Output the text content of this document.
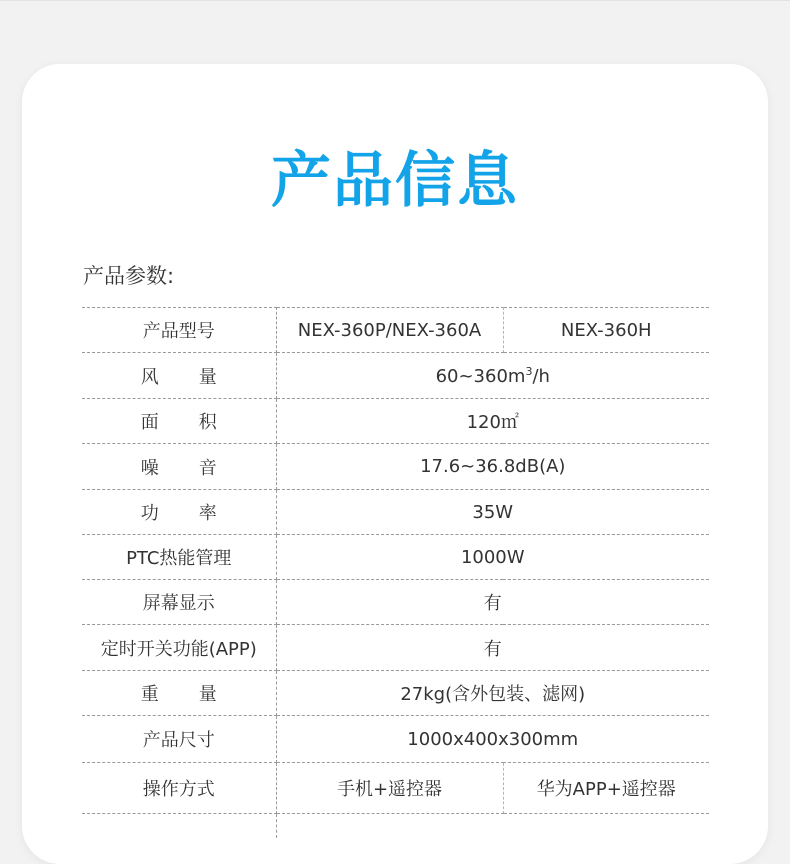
产品信息
产品参数:
产品型号	NEX-360P/NEX-360A	NEX-360H
风 量	$60\sim 360m^3/h$	
面 积	120㎡	
噪 音	17.6~36.8dB(A)	
功 率	35W	
PTC热能管理	1000W	
屏幕显示	有	
定时开关功能(APP)	有	
重 量	27kg(含外包装、滤网)	
产品尺寸	1000x400x300mm	
操作方式	手机+遥控器	华为APP+遥控器
